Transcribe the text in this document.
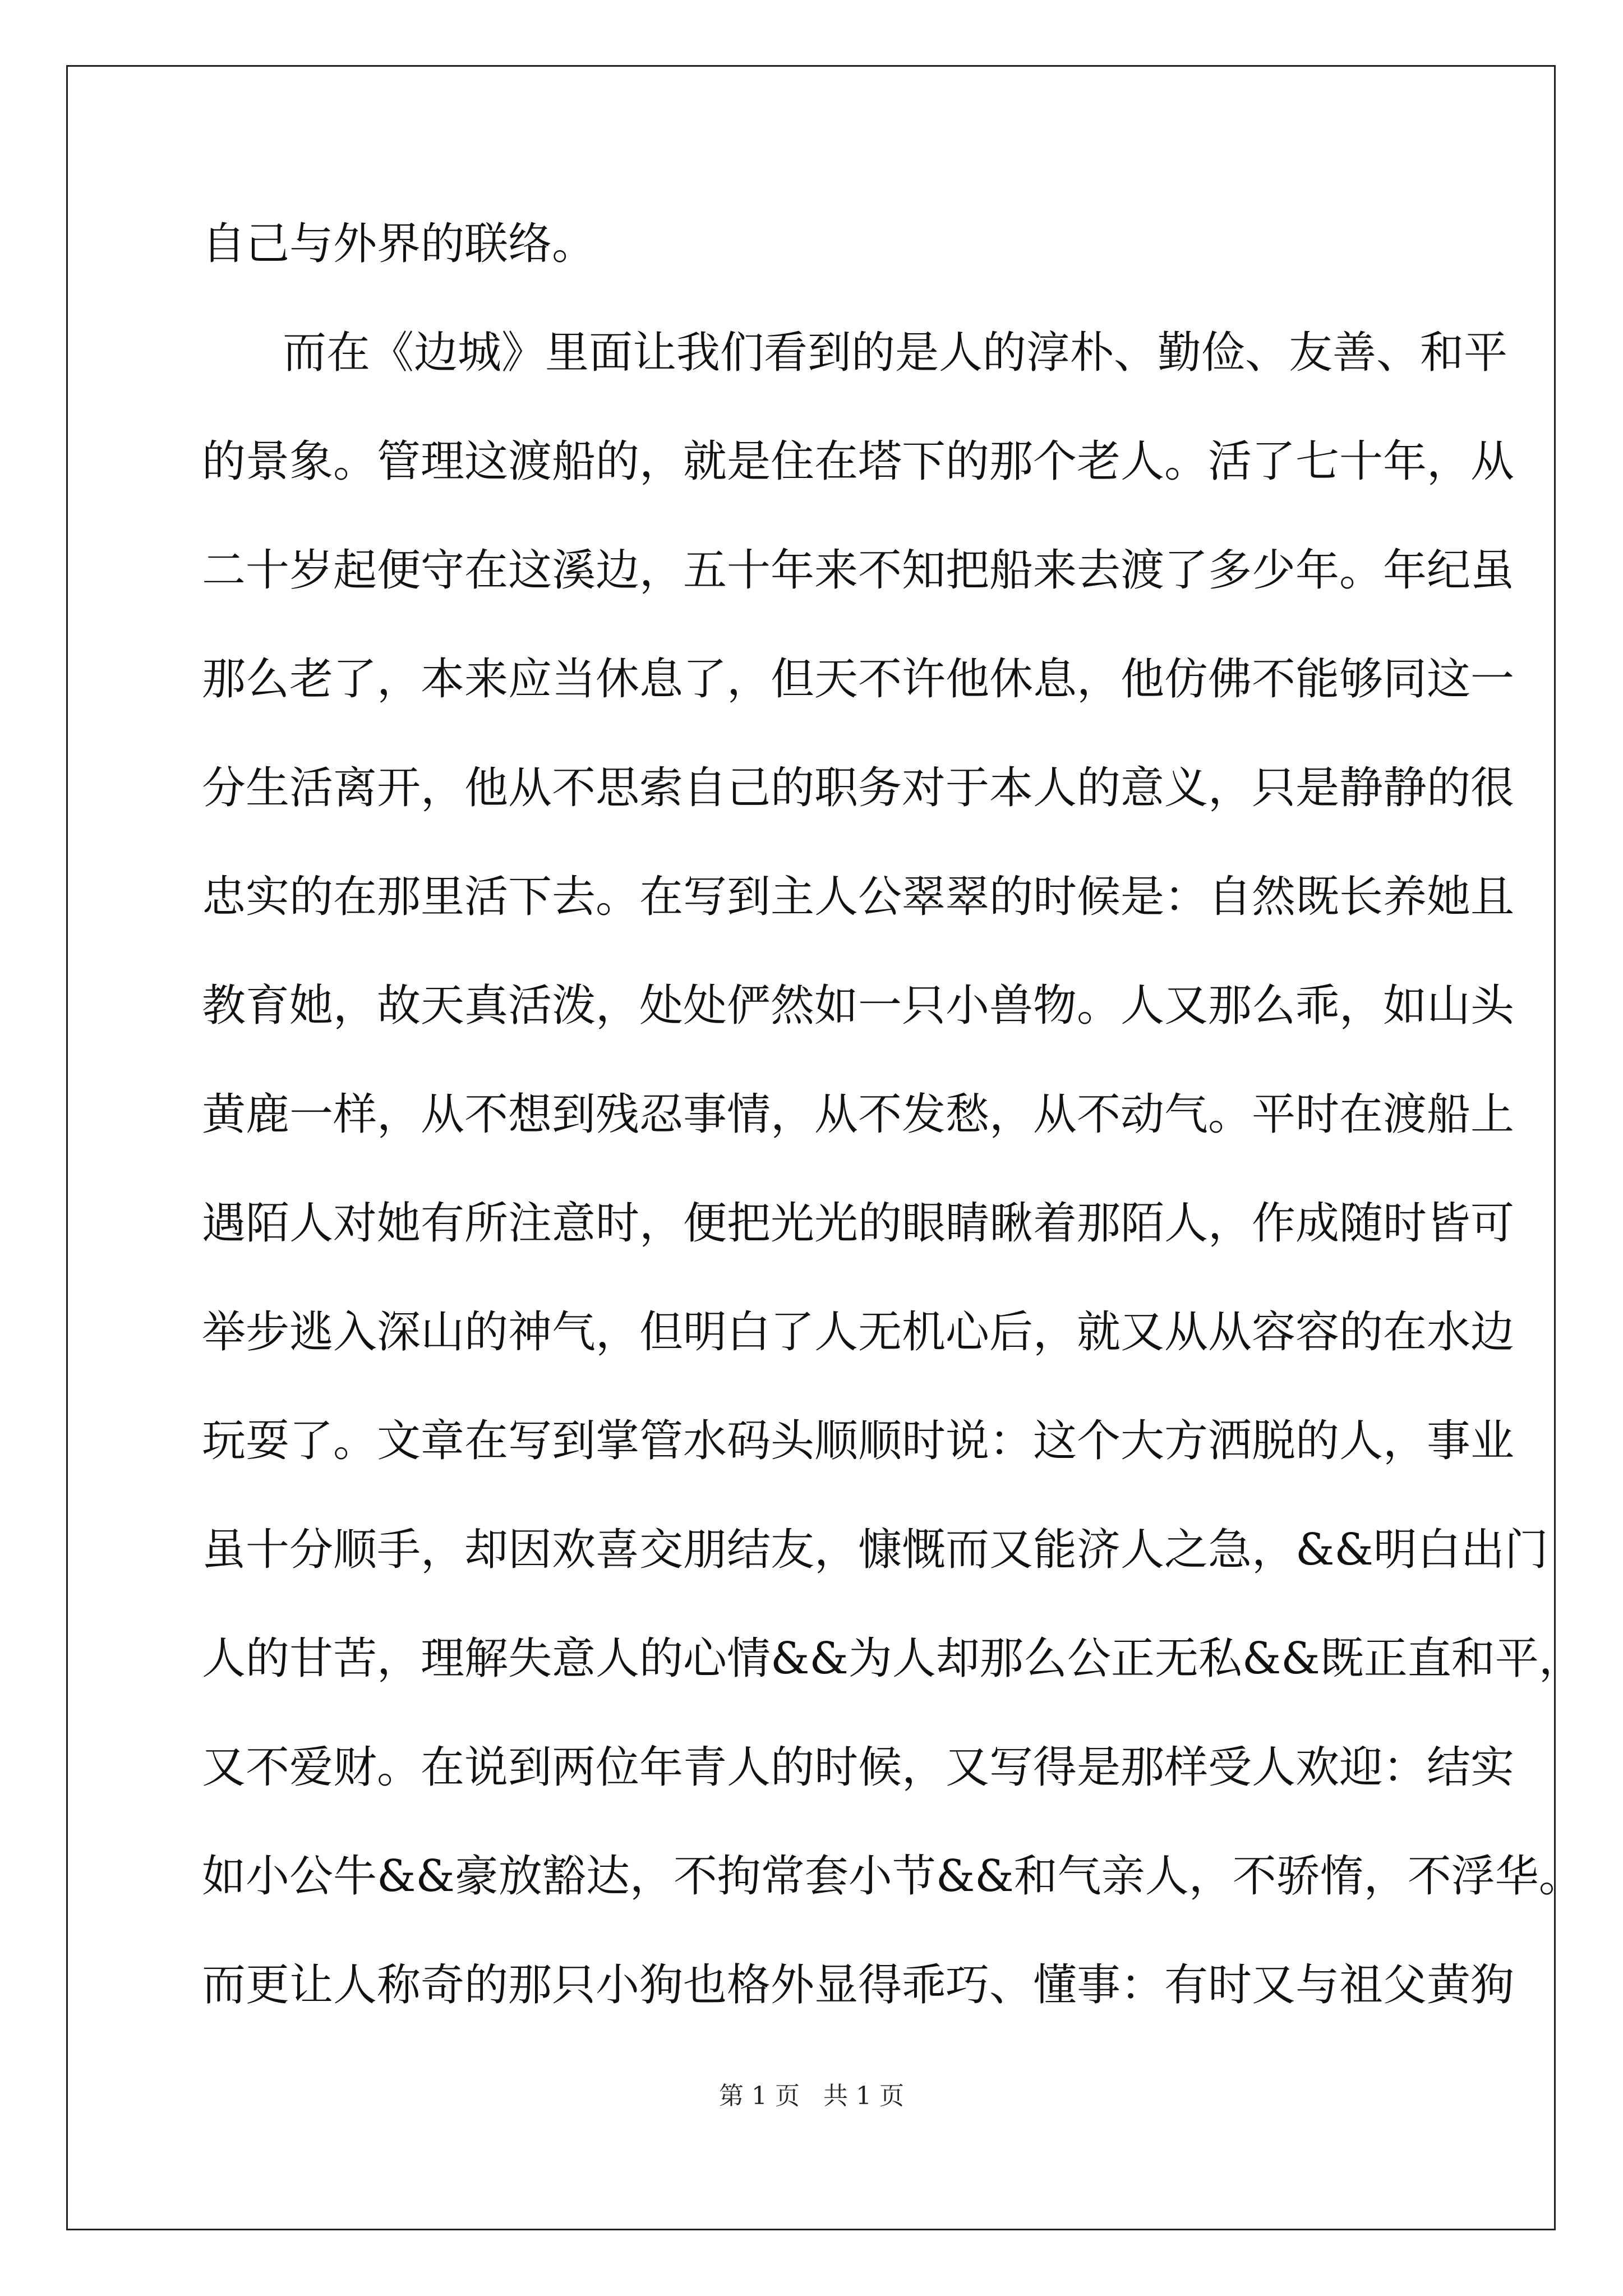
自己与外界的联络。
而在《边城》里面让我们看到的是人的淳朴、勤俭、友善、和平
的景象。管理这渡船的，就是住在塔下的那个老人。活了七十年，从
二十岁起便守在这溪边，五十年来不知把船来去渡了多少年。年纪虽
那么老了，本来应当休息了，但天不许他休息，他仿佛不能够同这一
分生活离开，他从不思索自己的职务对于本人的意义，只是静静的很
忠实的在那里活下去。在写到主人公翠翠的时候是：自然既长养她且
教育她，故天真活泼，处处俨然如一只小兽物。人又那么乖，如山头
黄鹿一样，从不想到残忍事情，从不发愁，从不动气。平时在渡船上
遇陌人对她有所注意时，便把光光的眼睛瞅着那陌人，作成随时皆可
举步逃入深山的神气，但明白了人无机心后，就又从从容容的在水边
玩耍了。文章在写到掌管水码头顺顺时说：这个大方洒脱的人，事业
虽十分顺手，却因欢喜交朋结友，慷慨而又能济人之急，&&明白出门
人的甘苦，理解失意人的心情&&为人却那么公正无私&&既正直和平，
又不爱财。在说到两位年青人的时候，又写得是那样受人欢迎：结实
如小公牛&&豪放豁达，不拘常套小节&&和气亲人，不骄惰，不浮华。
而更让人称奇的那只小狗也格外显得乖巧、懂事：有时又与祖父黄狗
第 1 页 共 1 页
